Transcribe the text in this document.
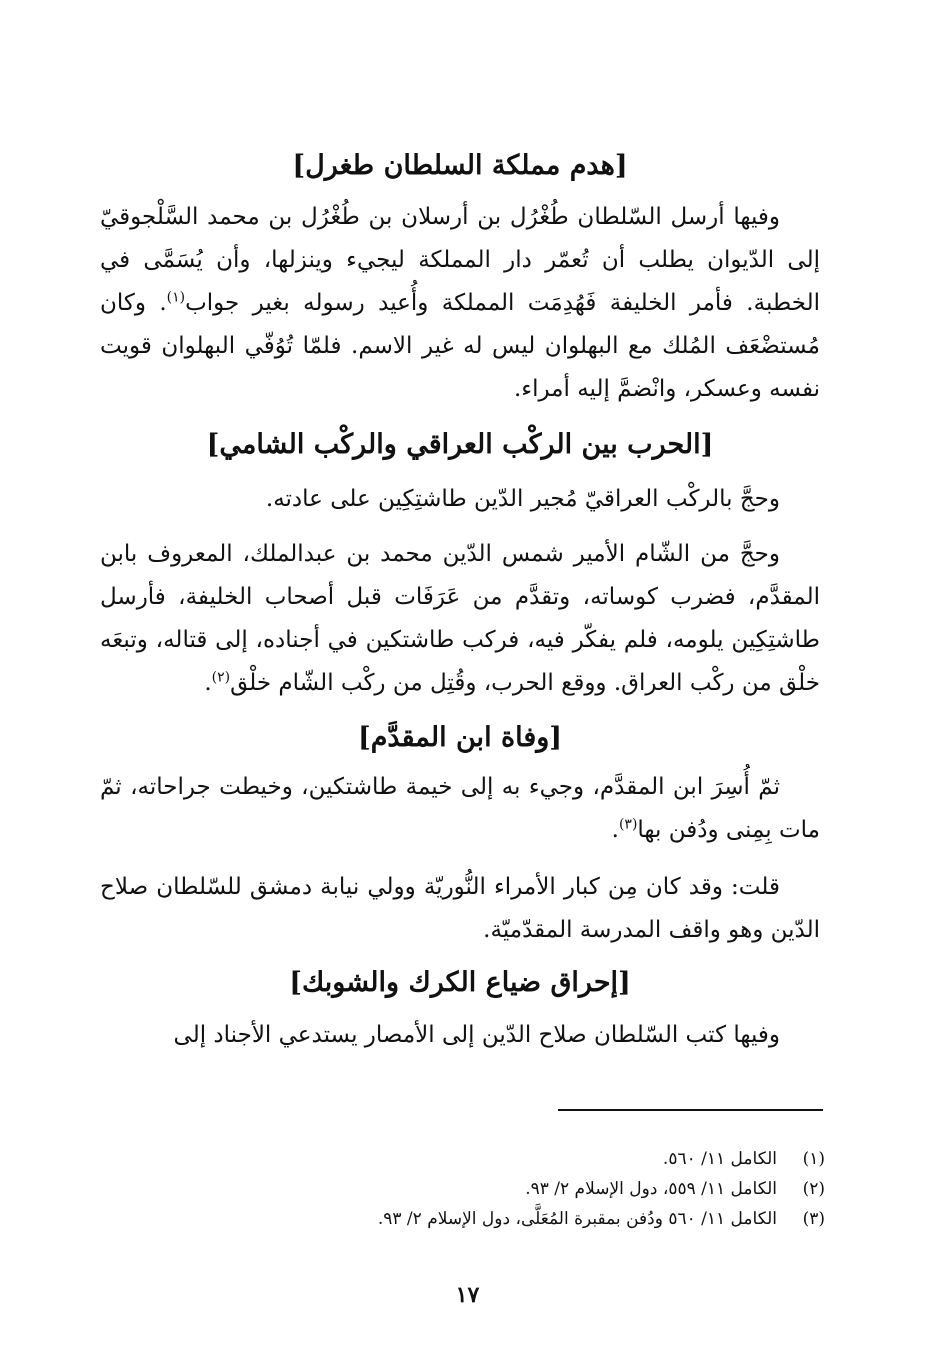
[هدم مملكة السلطان طغرل]
وفيها أرسل السّلطان طُغْرُل بن أرسلان بن طُغْرُل بن محمد السَّلْجوقيّ إلى الدّيوان يطلب أن تُعمّر دار المملكة ليجيء وينزلها، وأن يُسَمَّى في الخطبة. فأمر الخليفة فَهُدِمَت المملكة وأُعيد رسوله بغير جواب$^{(١)}$. وكان مُستضْعَف المُلك مع البهلوان ليس له غير الاسم. فلمّا تُوُفّي البهلوان قويت نفسه وعسكر، وانْضمَّ إليه أمراء.
[الحرب بين الركْب العراقي والركْب الشامي]
وحجَّ بالركْب العراقيّ مُجير الدّين طاشتِكِين على عادته.
وحجَّ من الشّام الأمير شمس الدّين محمد بن عبدالملك، المعروف بابن المقدَّم، فضرب كوساته، وتقدَّم من عَرَفَات قبل أصحاب الخليفة، فأرسل طاشتِكِين يلومه، فلم يفكّر فيه، فركب طاشتكين في أجناده، إلى قتاله، وتبعَه خلْق من ركْب العراق. ووقع الحرب، وقُتِل من ركْب الشّام خلْق$^{(٢)}$.
[وفاة ابن المقدَّم]
ثمّ أُسِرَ ابن المقدَّم، وجيء به إلى خيمة طاشتكين، وخيطت جراحاته، ثمّ مات بِمِنى ودُفن بها$^{(٣)}$.
قلت: وقد كان مِن كبار الأمراء النُّوريّة وولي نيابة دمشق للسّلطان صلاح الدّين وهو واقف المدرسة المقدّميّة.
[إحراق ضياع الكرك والشوبك]
وفيها كتب السّلطان صلاح الدّين إلى الأمصار يستدعي الأجناد إلى
(١)الكامل ١١/ ٥٦٠.
(٢)الكامل ١١/ ٥٥٩، دول الإسلام ٢/ ٩٣.
(٣)الكامل ١١/ ٥٦٠ ودُفن بمقبرة المُعَلَّى، دول الإسلام ٢/ ٩٣.
١٧
